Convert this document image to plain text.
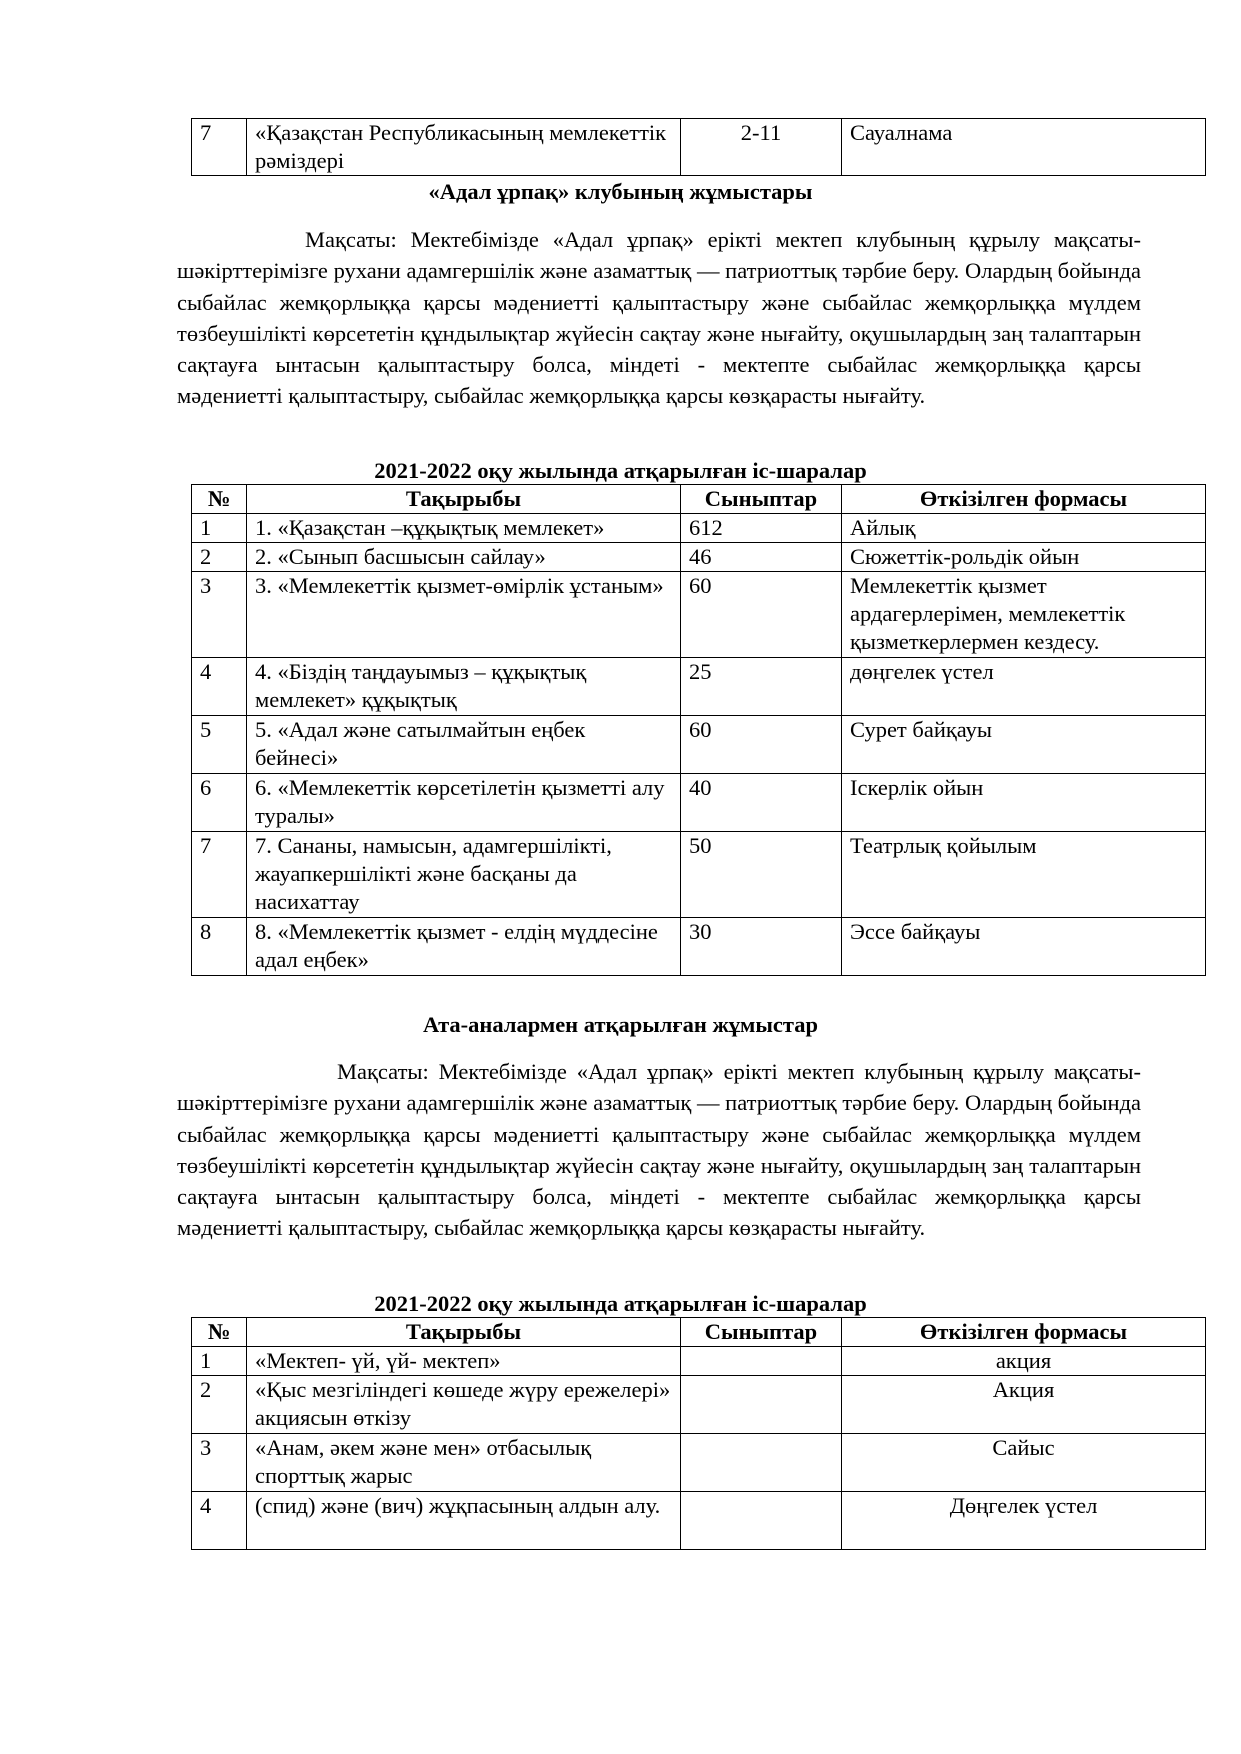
7	«Қазақстан Республикасының мемлекеттік рәміздері	2-11	Сауалнама
«Адал ұрпақ» клубының жұмыстары

Мақсаты: Мектебімізде «Адал ұрпақ» ерікті мектеп клубының құрылу мақсаты-шәкірттерімізге рухани адамгершілік және азаматтық — патриоттық тәрбие беру. Олардың бойында сыбайлас жемқорлыққа қарсы мәдениетті қалыптастыру және сыбайлас жемқорлыққа мүлдем төзбеушілікті көрсететін құндылықтар жүйесін сақтау және нығайту, оқушылардың заң талаптарын сақтауға ынтасын қалыптастыру болса, міндеті - мектепте сыбайлас жемқорлыққа қарсы мәдениетті қалыптастыру, сыбайлас жемқорлыққа қарсы көзқарасты нығайту.

2021-2022 оқу жылында атқарылған іс-шаралар
№	Тақырыбы	Сыныптар	Өткізілген формасы
1	1. «Қазақстан –құқықтық мемлекет»	612	Айлық
2	2. «Сынып басшысын сайлау»	46	Сюжеттік-рольдік ойын
3	3. «Мемлекеттік қызмет-өмірлік ұстаным»	60	Мемлекеттік қызмет ардагерлерімен, мемлекеттік қызметкерлермен кездесу.
4	4. «Біздің таңдауымыз – құқықтық мемлекет» құқықтық	25	дөңгелек үстел
5	5. «Адал және сатылмайтын еңбек бейнесі»	60	Сурет байқауы
6	6. «Мемлекеттік көрсетілетін қызметті алу туралы»	40	Іскерлік ойын
7	7. Сананы, намысын, адамгершілікті, жауапкершілікті және басқаны да насихаттау	50	Театрлық қойылым
8	8. «Мемлекеттік қызмет - елдің мүддесіне адал еңбек»	30	Эссе байқауы
Ата-аналармен атқарылған жұмыстар

Мақсаты: Мектебімізде «Адал ұрпақ» ерікті мектеп клубының құрылу мақсаты-шәкірттерімізге рухани адамгершілік және азаматтық — патриоттық тәрбие беру. Олардың бойында сыбайлас жемқорлыққа қарсы мәдениетті қалыптастыру және сыбайлас жемқорлыққа мүлдем төзбеушілікті көрсететін құндылықтар жүйесін сақтау және нығайту, оқушылардың заң талаптарын сақтауға ынтасын қалыптастыру болса, міндеті - мектепте сыбайлас жемқорлыққа қарсы мәдениетті қалыптастыру, сыбайлас жемқорлыққа қарсы көзқарасты нығайту.

2021-2022 оқу жылында атқарылған іс-шаралар
№	Тақырыбы	Сыныптар	Өткізілген формасы
1	«Мектеп- үй, үй- мектеп»		акция
2	«Қыс мезгіліндегі көшеде жүру ережелері» акциясын өткізу		Акция
3	«Анам, әкем және мен» отбасылық спорттық жарыс		Сайыс
4	(спид) және (вич) жұқпасының алдын алу.		Дөңгелек үстел
